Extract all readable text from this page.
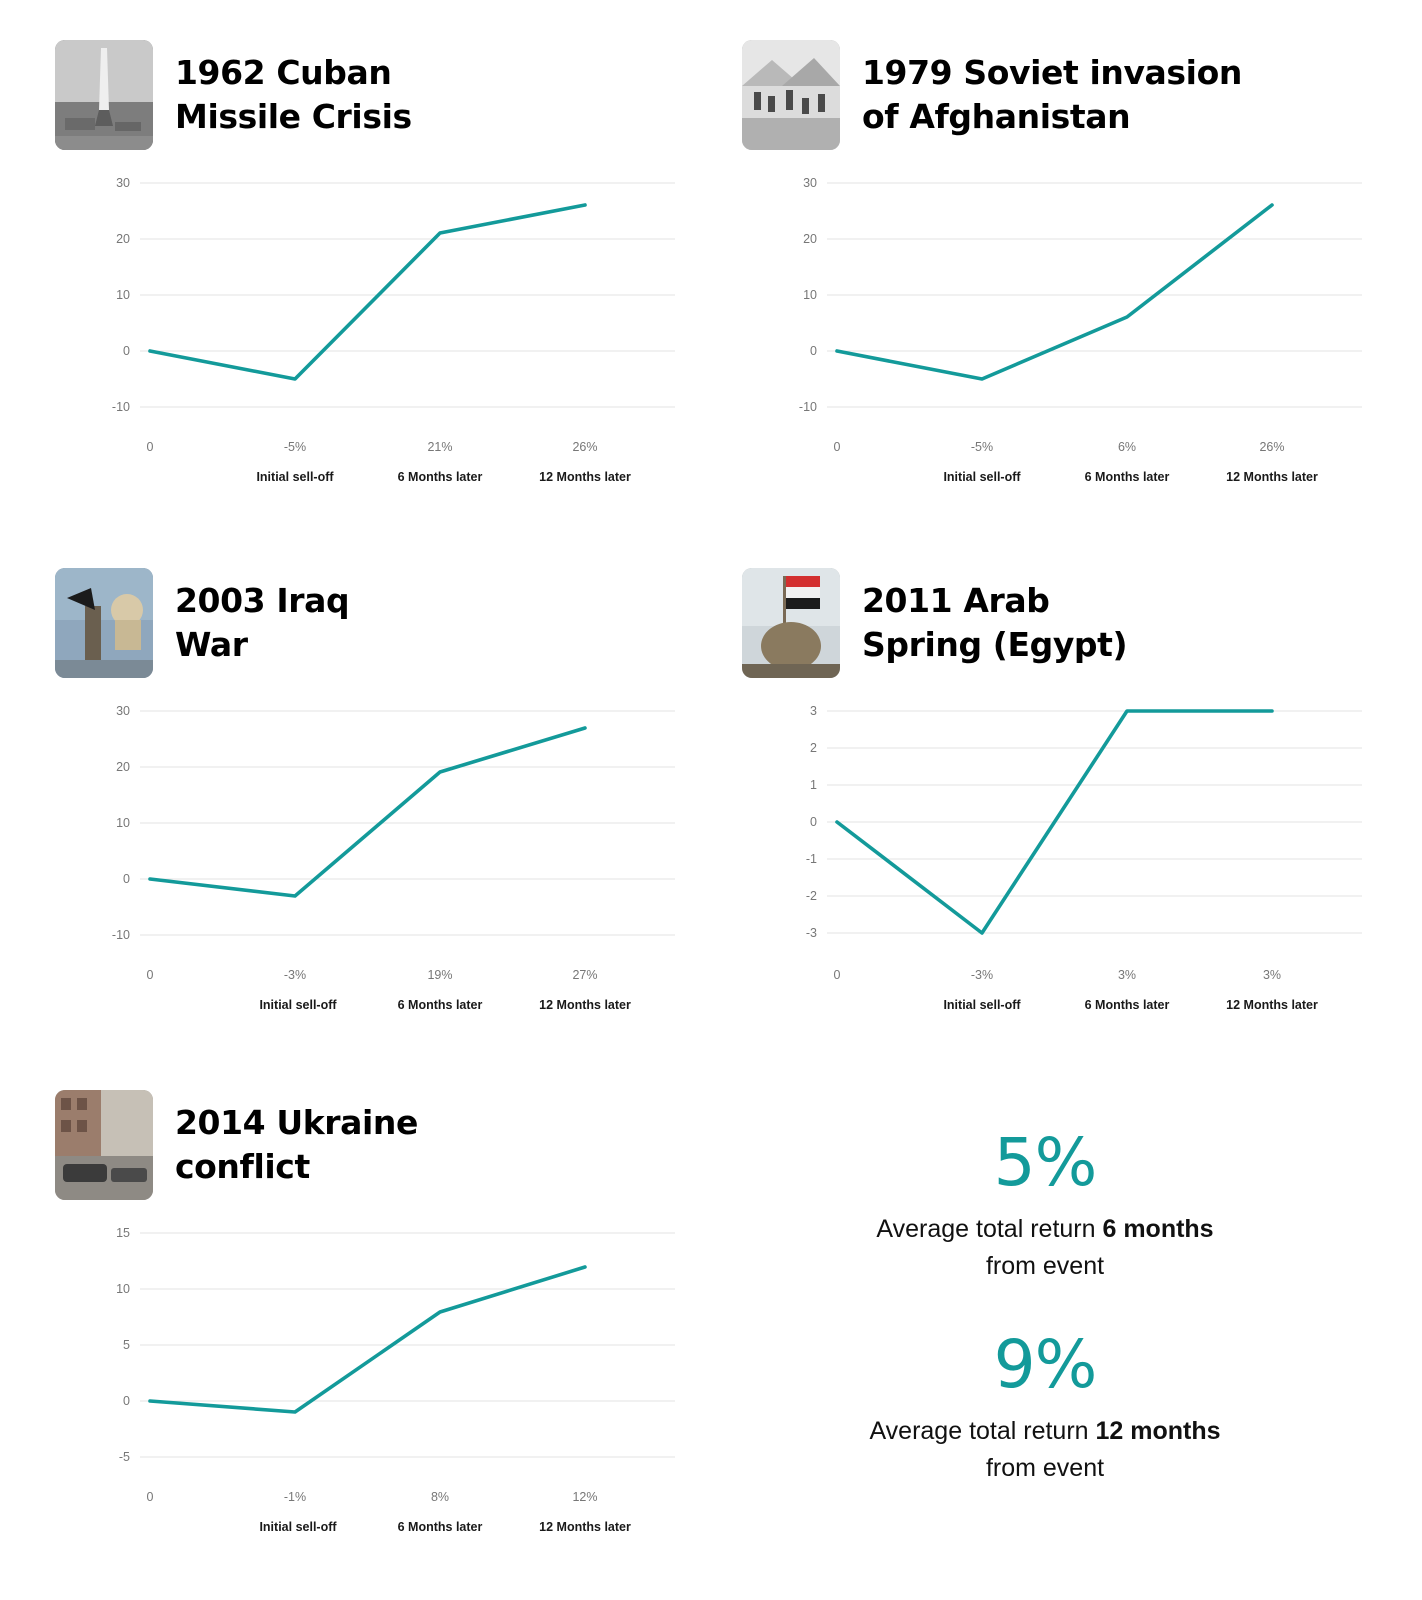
1962 Cuban
Missile Crisis
30
20
10
0
-10
0	-5%	21%	26%
Initial sell-off	6 Months later	12 Months later
1979 Soviet invasion
of Afghanistan
30
20
10
0
-10
0	-5%	6%	26%
Initial sell-off	6 Months later	12 Months later
2003 Iraq
War
30
20
10
0
-10
0	-3%	19%	27%
Initial sell-off	6 Months later	12 Months later
2011 Arab
Spring (Egypt)
3
2
1
0
-1
-2
-3
0	-3%	3%	3%
Initial sell-off	6 Months later	12 Months later
2014 Ukraine
conflict
15
10
5
0
-5
0	-1%	8%	12%
Initial sell-off	6 Months later	12 Months later
5%
Average total return 6 months from event
9%
Average total return 12 months from event
